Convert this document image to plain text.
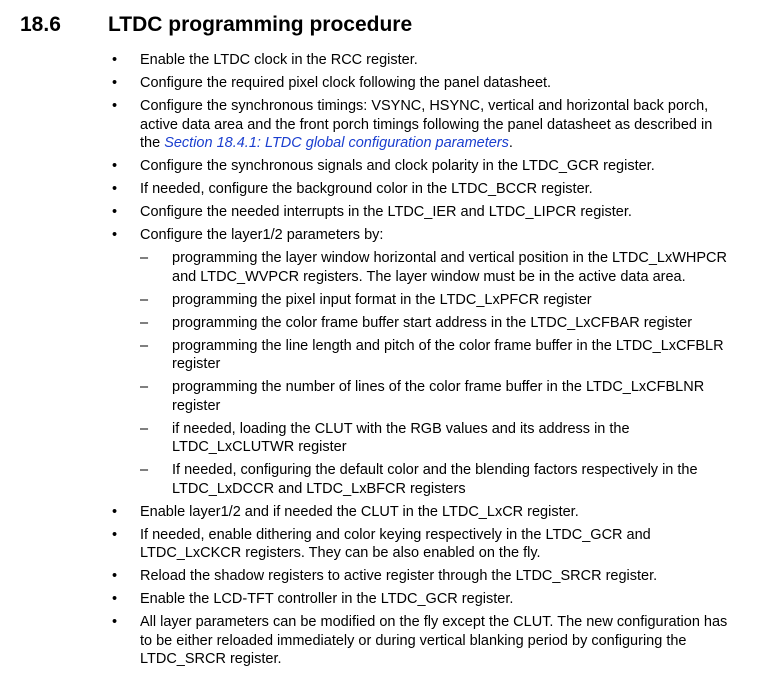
18.6 LTDC programming procedure
• Enable the LTDC clock in the RCC register.
• Configure the required pixel clock following the panel datasheet.
• Configure the synchronous timings: VSYNC, HSYNC, vertical and horizontal back porch, active data area and the front porch timings following the panel datasheet as described in the Section 18.4.1: LTDC global configuration parameters.
• Configure the synchronous signals and clock polarity in the LTDC_GCR register.
• If needed, configure the background color in the LTDC_BCCR register.
• Configure the needed interrupts in the LTDC_IER and LTDC_LIPCR register.
• Configure the layer1/2 parameters by:
– programming the layer window horizontal and vertical position in the LTDC_LxWHPCR and LTDC_WVPCR registers. The layer window must be in the active data area.
– programming the pixel input format in the LTDC_LxPFCR register
– programming the color frame buffer start address in the LTDC_LxCFBAR register
– programming the line length and pitch of the color frame buffer in the LTDC_LxCFBLR register
– programming the number of lines of the color frame buffer in the LTDC_LxCFBLNR register
– if needed, loading the CLUT with the RGB values and its address in the LTDC_LxCLUTWR register
– If needed, configuring the default color and the blending factors respectively in the LTDC_LxDCCR and LTDC_LxBFCR registers
• Enable layer1/2 and if needed the CLUT in the LTDC_LxCR register.
• If needed, enable dithering and color keying respectively in the LTDC_GCR and LTDC_LxCKCR registers. They can be also enabled on the fly.
• Reload the shadow registers to active register through the LTDC_SRCR register.
• Enable the LCD-TFT controller in the LTDC_GCR register.
• All layer parameters can be modified on the fly except the CLUT. The new configuration has to be either reloaded immediately or during vertical blanking period by configuring the LTDC_SRCR register.
